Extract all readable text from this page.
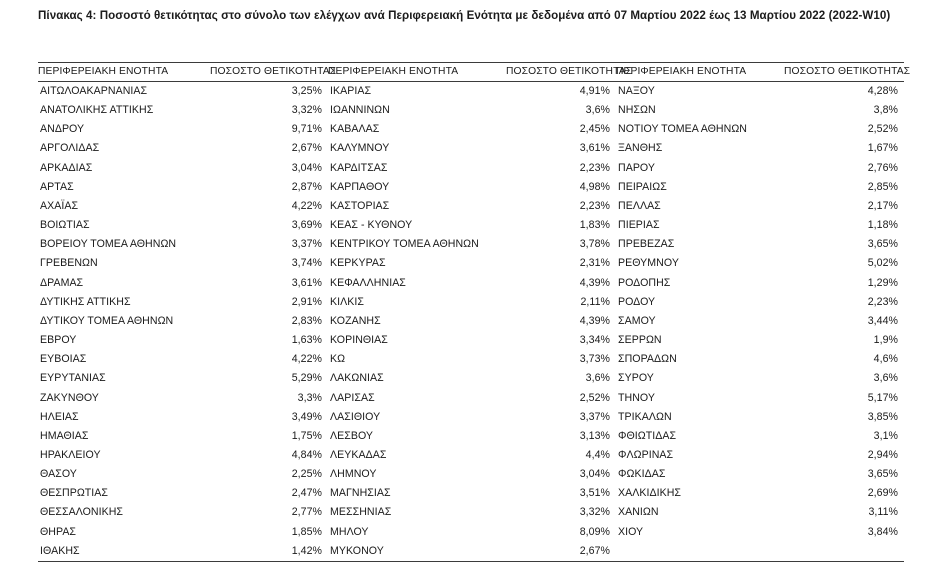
Πίνακας 4: Ποσοστό θετικότητας στο σύνολο των ελέγχων ανά Περιφερειακή Ενότητα με δεδομένα από 07 Μαρτίου 2022 έως 13 Μαρτίου 2022 (2022-W10)
ΠΕΡΙΦΕΡΕΙΑΚΗ ΕΝΟΤΗΤΑ	ΠΟΣΟΣΤΟ ΘΕΤΙΚΟΤΗΤΑΣ	ΠΕΡΙΦΕΡΕΙΑΚΗ ΕΝΟΤΗΤΑ	ΠΟΣΟΣΤΟ ΘΕΤΙΚΟΤΗΤΑΣ	ΠΕΡΙΦΕΡΕΙΑΚΗ ΕΝΟΤΗΤΑ	ΠΟΣΟΣΤΟ ΘΕΤΙΚΟΤΗΤΑΣ
ΑΙΤΩΛΟΑΚΑΡΝΑΝΙΑΣ	3,25%	ΙΚΑΡΙΑΣ	4,91%	ΝΑΞΟΥ	4,28%
ΑΝΑΤΟΛΙΚΗΣ ΑΤΤΙΚΗΣ	3,32%	ΙΩΑΝΝΙΝΩΝ	3,6%	ΝΗΣΩΝ	3,8%
ΑΝΔΡΟΥ	9,71%	ΚΑΒΑΛΑΣ	2,45%	ΝΟΤΙΟΥ ΤΟΜΕΑ ΑΘΗΝΩΝ	2,52%
ΑΡΓΟΛΙΔΑΣ	2,67%	ΚΑΛΥΜΝΟΥ	3,61%	ΞΑΝΘΗΣ	1,67%
ΑΡΚΑΔΙΑΣ	3,04%	ΚΑΡΔΙΤΣΑΣ	2,23%	ΠΑΡΟΥ	2,76%
ΑΡΤΑΣ	2,87%	ΚΑΡΠΑΘΟΥ	4,98%	ΠΕΙΡΑΙΩΣ	2,85%
ΑΧΑΪΑΣ	4,22%	ΚΑΣΤΟΡΙΑΣ	2,23%	ΠΕΛΛΑΣ	2,17%
ΒΟΙΩΤΙΑΣ	3,69%	ΚΕΑΣ - ΚΥΘΝΟΥ	1,83%	ΠΙΕΡΙΑΣ	1,18%
ΒΟΡΕΙΟΥ ΤΟΜΕΑ ΑΘΗΝΩΝ	3,37%	ΚΕΝΤΡΙΚΟΥ ΤΟΜΕΑ ΑΘΗΝΩΝ	3,78%	ΠΡΕΒΕΖΑΣ	3,65%
ΓΡΕΒΕΝΩΝ	3,74%	ΚΕΡΚΥΡΑΣ	2,31%	ΡΕΘΥΜΝΟΥ	5,02%
ΔΡΑΜΑΣ	3,61%	ΚΕΦΑΛΛΗΝΙΑΣ	4,39%	ΡΟΔΟΠΗΣ	1,29%
ΔΥΤΙΚΗΣ ΑΤΤΙΚΗΣ	2,91%	ΚΙΛΚΙΣ	2,11%	ΡΟΔΟΥ	2,23%
ΔΥΤΙΚΟΥ ΤΟΜΕΑ ΑΘΗΝΩΝ	2,83%	ΚΟΖΑΝΗΣ	4,39%	ΣΑΜΟΥ	3,44%
ΕΒΡΟΥ	1,63%	ΚΟΡΙΝΘΙΑΣ	3,34%	ΣΕΡΡΩΝ	1,9%
ΕΥΒΟΙΑΣ	4,22%	ΚΩ	3,73%	ΣΠΟΡΑΔΩΝ	4,6%
ΕΥΡΥΤΑΝΙΑΣ	5,29%	ΛΑΚΩΝΙΑΣ	3,6%	ΣΥΡΟΥ	3,6%
ΖΑΚΥΝΘΟΥ	3,3%	ΛΑΡΙΣΑΣ	2,52%	ΤΗΝΟΥ	5,17%
ΗΛΕΙΑΣ	3,49%	ΛΑΣΙΘΙΟΥ	3,37%	ΤΡΙΚΑΛΩΝ	3,85%
ΗΜΑΘΙΑΣ	1,75%	ΛΕΣΒΟΥ	3,13%	ΦΘΙΩΤΙΔΑΣ	3,1%
ΗΡΑΚΛΕΙΟΥ	4,84%	ΛΕΥΚΑΔΑΣ	4,4%	ΦΛΩΡΙΝΑΣ	2,94%
ΘΑΣΟΥ	2,25%	ΛΗΜΝΟΥ	3,04%	ΦΩΚΙΔΑΣ	3,65%
ΘΕΣΠΡΩΤΙΑΣ	2,47%	ΜΑΓΝΗΣΙΑΣ	3,51%	ΧΑΛΚΙΔΙΚΗΣ	2,69%
ΘΕΣΣΑΛΟΝΙΚΗΣ	2,77%	ΜΕΣΣΗΝΙΑΣ	3,32%	ΧΑΝΙΩΝ	3,11%
ΘΗΡΑΣ	1,85%	ΜΗΛΟΥ	8,09%	ΧΙΟΥ	3,84%
ΙΘΑΚΗΣ	1,42%	ΜΥΚΟΝΟΥ	2,67%		
